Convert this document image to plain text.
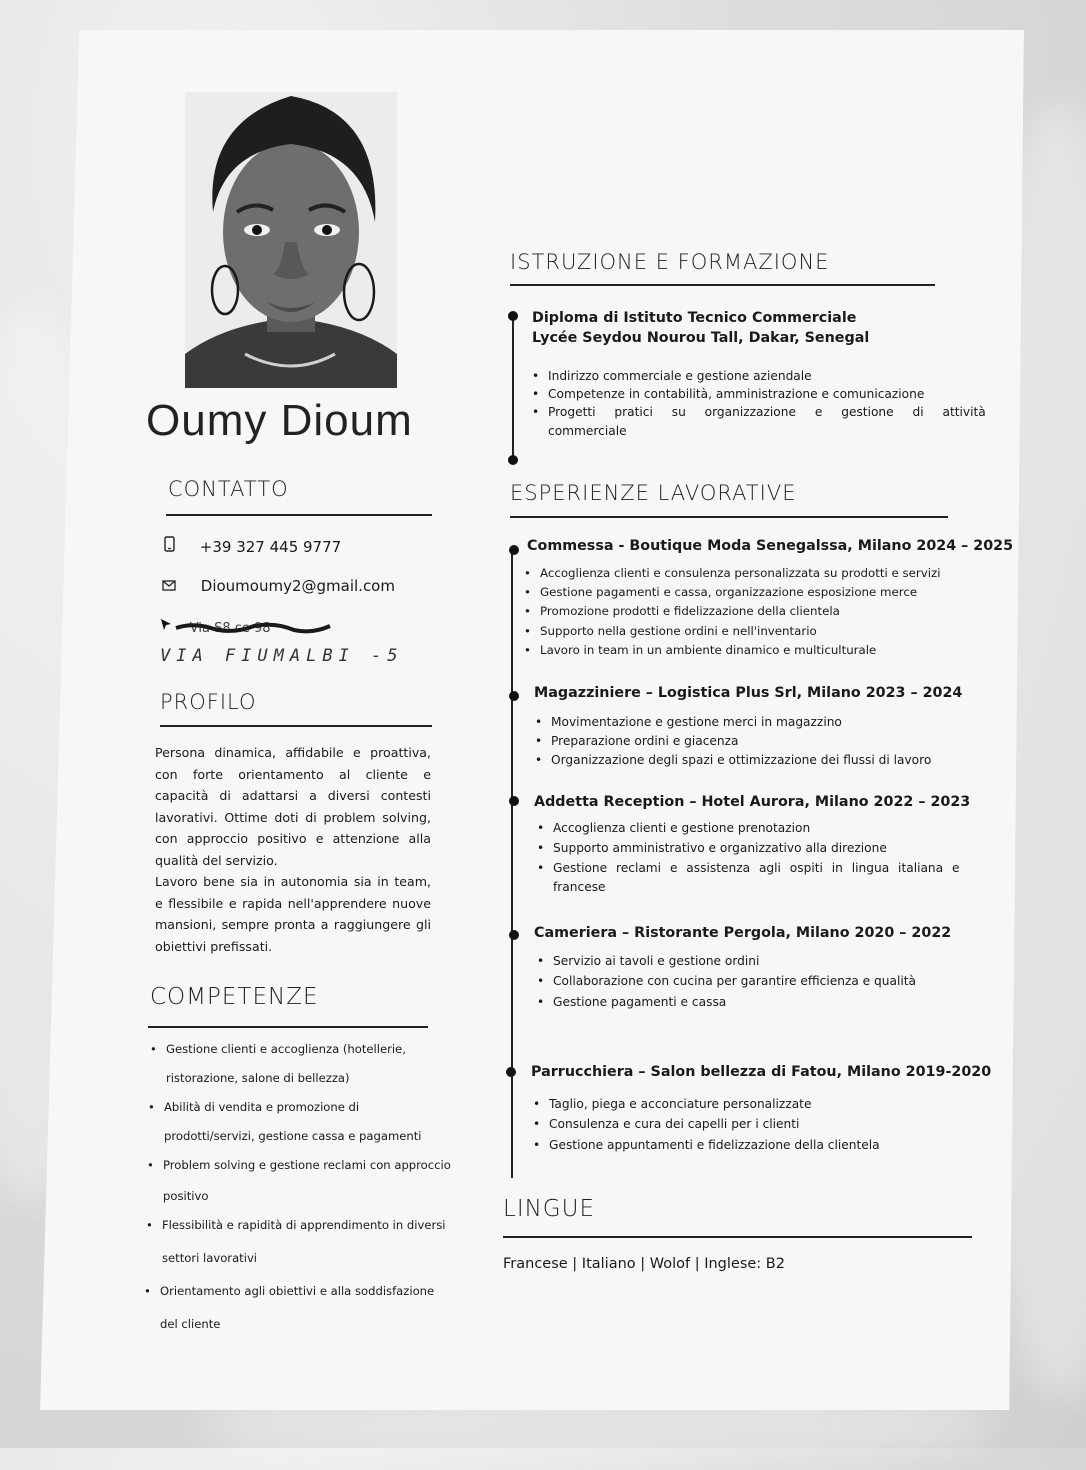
Oumy Dioum
CONTATTO
+39 327 445 9777
Dioumoumy2@gmail.com
Via S8 ce 98
VIA FIUMALBI -5
PROFILO
Persona dinamica, affidabile e proattiva, con forte orientamento al cliente e capacità di adattarsi a diversi contesti lavorativi. Ottime doti di problem solving, con approccio positivo e attenzione alla qualità del servizio.
Lavoro bene sia in autonomia sia in team, e flessibile e rapida nell'apprendere nuove mansioni, sempre pronta a raggiungere gli obiettivi prefissati.
COMPETENZE
• Gestione clienti e accoglienza (hotellerie,
ristorazione, salone di bellezza)
• Abilità di vendita e promozione di
prodotti/servizi, gestione cassa e pagamenti
• Problem solving e gestione reclami con approccio
positivo
• Flessibilità e rapidità di apprendimento in diversi
settori lavorativi
• Orientamento agli obiettivi e alla soddisfazione
del cliente
ISTRUZIONE E FORMAZIONE
Diploma di Istituto Tecnico Commerciale
Lycée Seydou Nourou Tall, Dakar, Senegal
• Indirizzo commerciale e gestione aziendale
• Competenze in contabilità, amministrazione e comunicazione
• Progetti pratici su organizzazione e gestione di attività
commerciale
ESPERIENZE LAVORATIVE
Commessa - Boutique Moda Senegalssa, Milano 2024 – 2025
• Accoglienza clienti e consulenza personalizzata su prodotti e servizi
• Gestione pagamenti e cassa, organizzazione esposizione merce
• Promozione prodotti e fidelizzazione della clientela
• Supporto nella gestione ordini e nell'inventario
• Lavoro in team in un ambiente dinamico e multiculturale
Magazziniere – Logistica Plus Srl, Milano 2023 – 2024
• Movimentazione e gestione merci in magazzino
• Preparazione ordini e giacenza
• Organizzazione degli spazi e ottimizzazione dei flussi di lavoro
Addetta Reception – Hotel Aurora, Milano 2022 – 2023
• Accoglienza clienti e gestione prenotazion
• Supporto amministrativo e organizzativo alla direzione
• Gestione reclami e assistenza agli ospiti in lingua italiana e
francese
Cameriera – Ristorante Pergola, Milano 2020 – 2022
• Servizio ai tavoli e gestione ordini
• Collaborazione con cucina per garantire efficienza e qualità
• Gestione pagamenti e cassa
Parrucchiera – Salon bellezza di Fatou, Milano 2019-2020
• Taglio, piega e acconciature personalizzate
• Consulenza e cura dei capelli per i clienti
• Gestione appuntamenti e fidelizzazione della clientela
LINGUE
Francese | Italiano | Wolof | Inglese: B2
